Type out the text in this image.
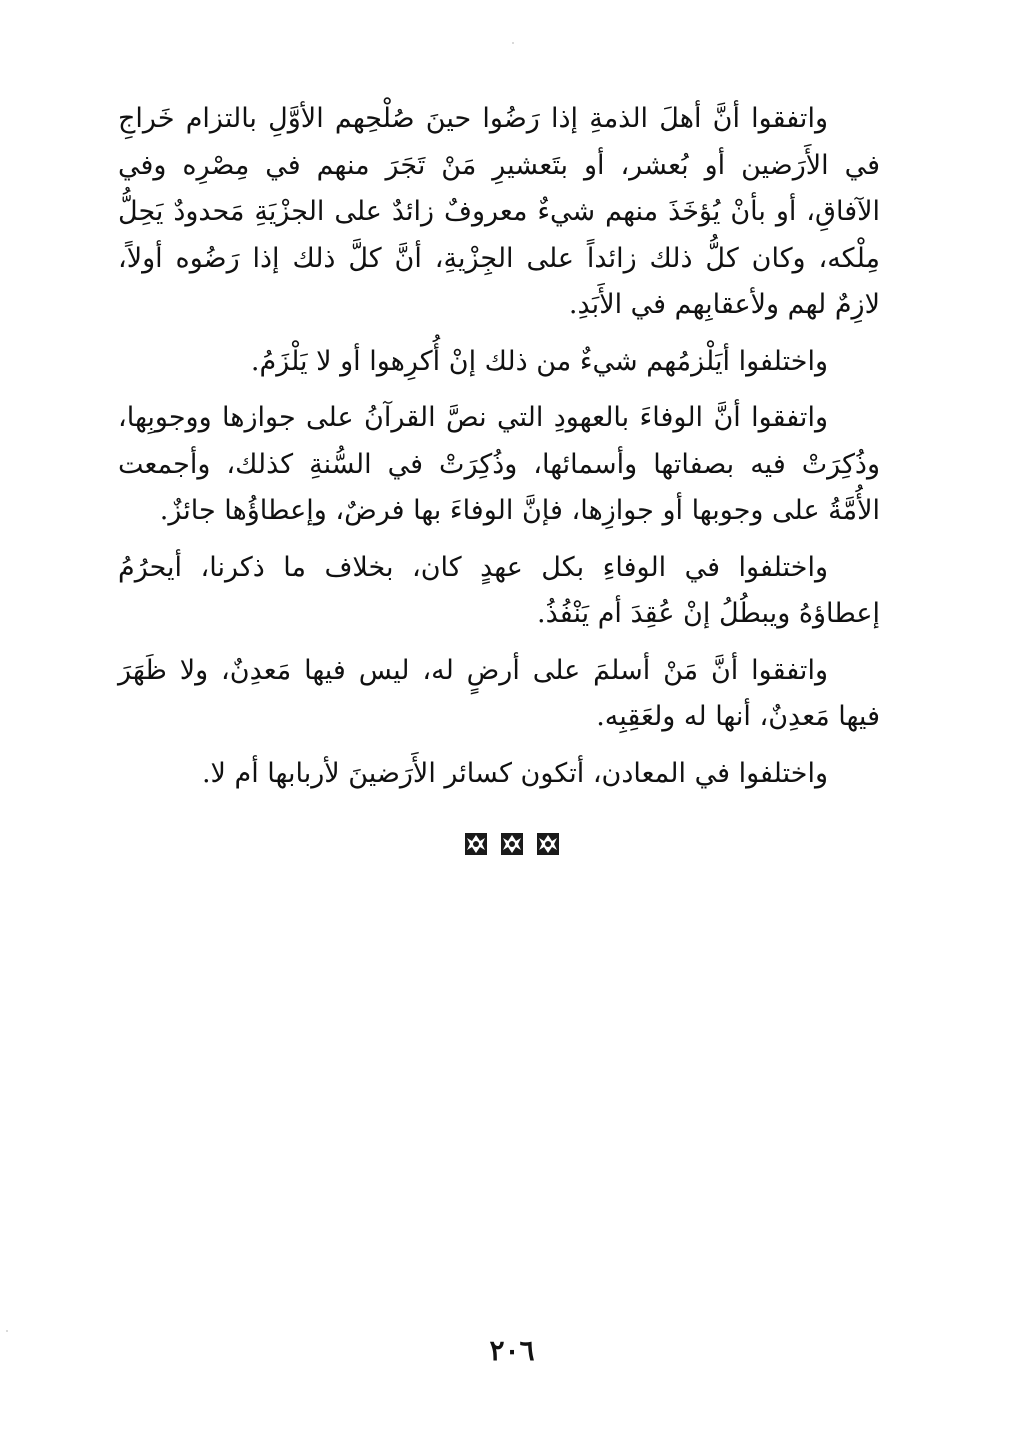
واتفقوا أنَّ أهلَ الذمةِ إذا رَضُوا حينَ صُلْحِهم الأوَّلِ بالتزام خَراجِ في الأَرَضين أو بُعشر، أو بتَعشيرِ مَنْ تَجَرَ منهم في مِصْرِه وفي الآفاقِ، أو بأنْ يُؤخَذَ منهم شيءٌ معروفٌ زائدٌ على الجزْيَةِ مَحدودٌ يَحِلُّ مِلْكه، وكان كلُّ ذلك زائداً على الجِزْيةِ، أنَّ كلَّ ذلك إذا رَضُوه أولاً، لازِمٌ لهم ولأعقابِهم في الأَبَدِ.

واختلفوا أيَلْزمُهم شيءٌ من ذلك إنْ أُكرِهوا أو لا يَلْزَمُ.

واتفقوا أنَّ الوفاءَ بالعهودِ التي نصَّ القرآنُ على جوازها ووجوبِها، وذُكِرَتْ فيه بصفاتها وأسمائها، وذُكِرَتْ في السُّنةِ كذلك، وأجمعت الأُمَّةُ على وجوبها أو جوازِها، فإنَّ الوفاءَ بها فرضٌ، وإعطاؤُها جائزٌ.

واختلفوا في الوفاءِ بكل عهدٍ كان، بخلاف ما ذكرنا، أيحرُمُ إعطاؤهُ ويبطُلُ إنْ عُقِدَ أم يَنْفُذُ.

واتفقوا أنَّ مَنْ أسلمَ على أرضٍ له، ليس فيها مَعدِنٌ، ولا ظَهَرَ فيها مَعدِنٌ، أنها له ولعَقِبِه.

واختلفوا في المعادن، أتكون كسائر الأَرَضينَ لأربابها أم لا.

٢٠٦
